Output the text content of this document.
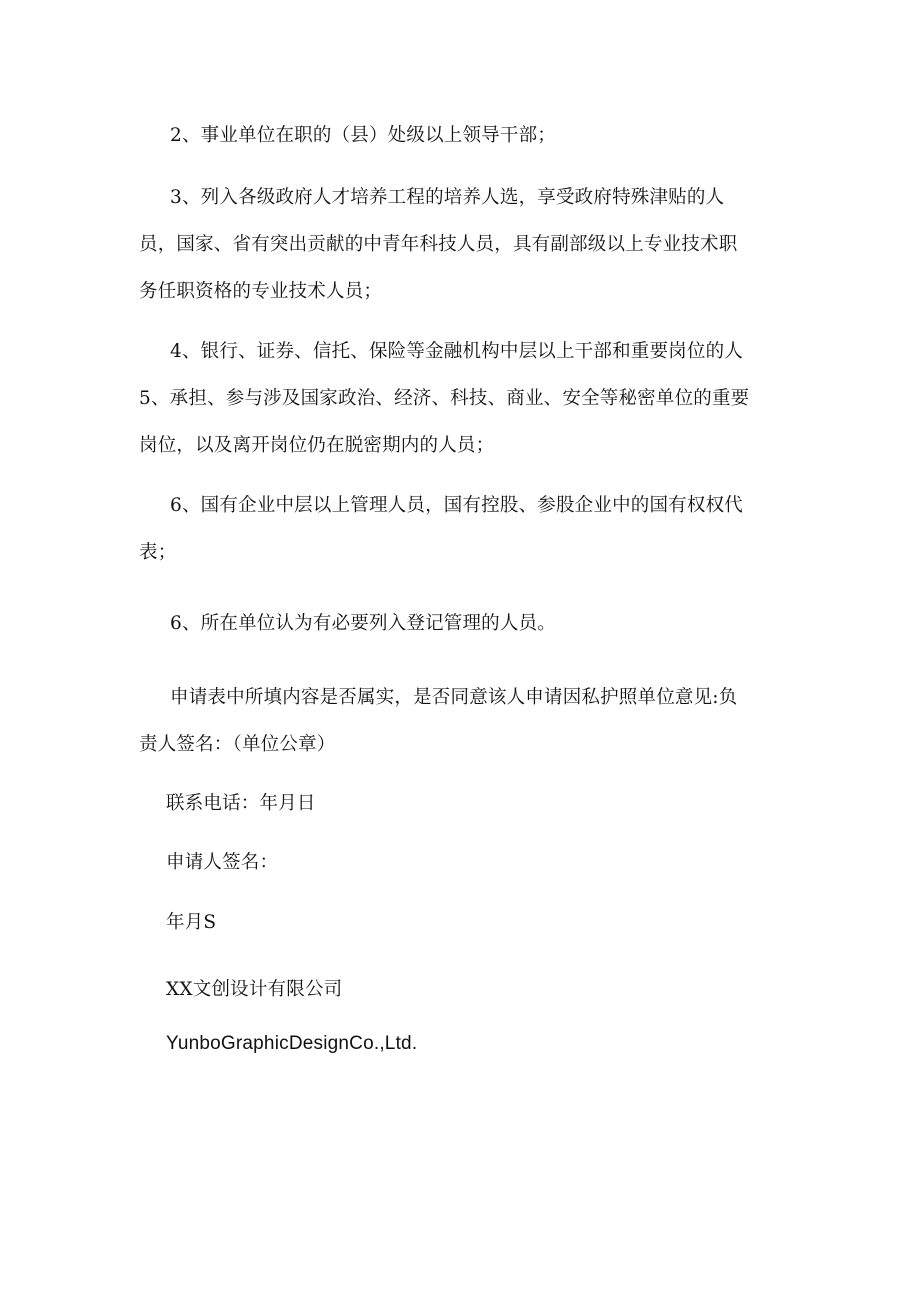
2、事业单位在职的（县）处级以上领导干部；
3、列入各级政府人才培养工程的培养人选，享受政府特殊津贴的人
员，国家、省有突出贡献的中青年科技人员，具有副部级以上专业技术职
务任职资格的专业技术人员；
4、银行、证券、信托、保险等金融机构中层以上干部和重要岗位的人
5、承担、参与涉及国家政治、经济、科技、商业、安全等秘密单位的重要
岗位，以及离开岗位仍在脱密期内的人员；
6、国有企业中层以上管理人员，国有控股、参股企业中的国有权权代
表；
6、所在单位认为有必要列入登记管理的人员。
申请表中所填内容是否属实，是否同意该人申请因私护照单位意见:负
责人签名：（单位公章）
联系电话：年月日
申请人签名：
年月S
XX文创设计有限公司
YunboGraphicDesignCo.,Ltd.
